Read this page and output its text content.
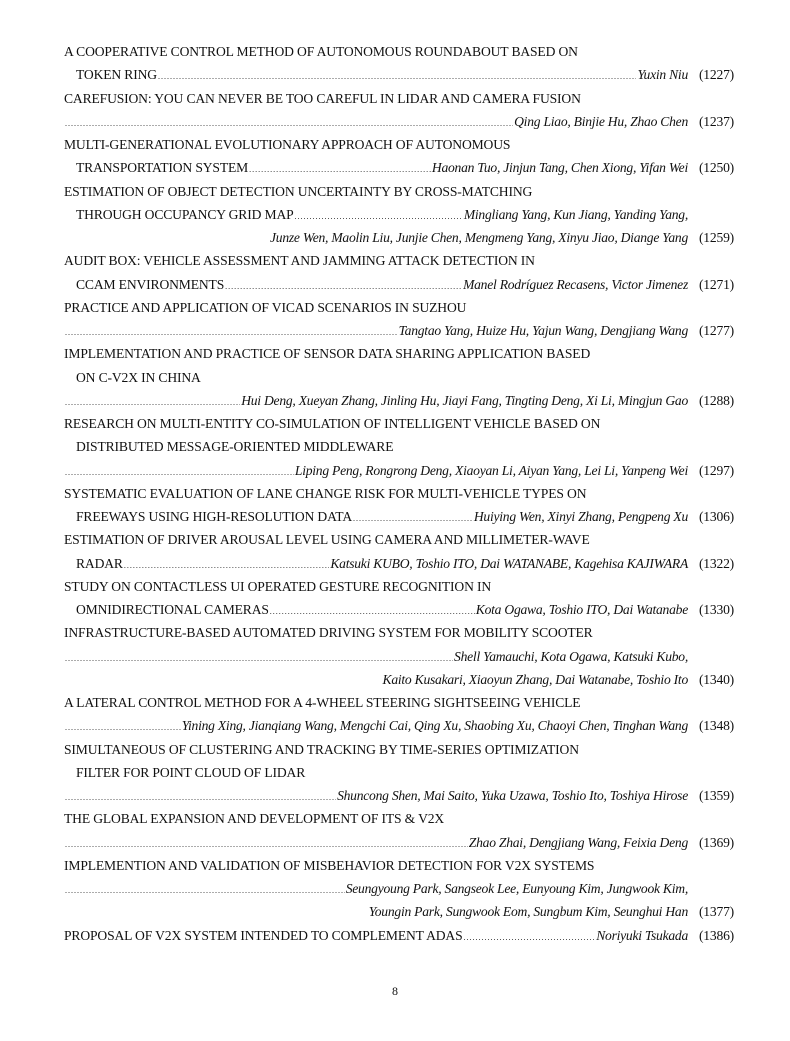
A COOPERATIVE CONTROL METHOD OF AUTONOMOUS ROUNDABOUT BASED ON
TOKEN RING .....	Yuxin Niu (1227)
CAREFUSION: YOU CAN NEVER BE TOO CAREFUL IN LIDAR AND CAMERA FUSION
.....
Qing Liao, Binjie Hu, Zhao Chen (1237)
MULTI-GENERATIONAL EVOLUTIONARY APPROACH OF AUTONOMOUS
TRANSPORTATION SYSTEM .....	Haonan Tuo, Jinjun Tang, Chen Xiong, Yifan Wei (1250)
ESTIMATION OF OBJECT DETECTION UNCERTAINTY BY CROSS-MATCHING
THROUGH OCCUPANCY GRID MAP .....	Mingliang Yang, Kun Jiang, Yanding Yang,
Junze Wen, Maolin Liu, Junjie Chen, Mengmeng Yang, Xinyu Jiao, Diange Yang (1259)
AUDIT BOX: VEHICLE ASSESSMENT AND JAMMING ATTACK DETECTION IN
CCAM ENVIRONMENTS .....	Manel Rodríguez Recasens, Victor Jimenez (1271)
PRACTICE AND APPLICATION OF VICAD SCENARIOS IN SUZHOU
.....
Tangtao Yang, Huize Hu, Yajun Wang, Dengjiang Wang (1277)
IMPLEMENTATION AND PRACTICE OF SENSOR DATA SHARING APPLICATION BASED
ON C-V2X IN CHINA
.....
Hui Deng, Xueyan Zhang, Jinling Hu, Jiayi Fang, Tingting Deng, Xi Li, Mingjun Gao (1288)
RESEARCH ON MULTI-ENTITY CO-SIMULATION OF INTELLIGENT VEHICLE BASED ON
DISTRIBUTED MESSAGE-ORIENTED MIDDLEWARE
.....
Liping Peng, Rongrong Deng, Xiaoyan Li, Aiyan Yang, Lei Li, Yanpeng Wei (1297)
SYSTEMATIC EVALUATION OF LANE CHANGE RISK FOR MULTI-VEHICLE TYPES ON
FREEWAYS USING HIGH-RESOLUTION DATA .....	Huiying Wen, Xinyi Zhang, Pengpeng Xu (1306)
ESTIMATION OF DRIVER AROUSAL LEVEL USING CAMERA AND MILLIMETER-WAVE
RADAR .....	Katsuki KUBO, Toshio ITO, Dai WATANABE, Kagehisa KAJIWARA (1322)
STUDY ON CONTACTLESS UI OPERATED GESTURE RECOGNITION IN
OMNIDIRECTIONAL CAMERAS .....	Kota Ogawa, Toshio ITO, Dai Watanabe (1330)
INFRASTRUCTURE-BASED AUTOMATED DRIVING SYSTEM FOR MOBILITY SCOOTER
.....
Shell Yamauchi, Kota Ogawa, Katsuki Kubo,
Kaito Kusakari, Xiaoyun Zhang, Dai Watanabe, Toshio Ito (1340)
A LATERAL CONTROL METHOD FOR A 4-WHEEL STEERING SIGHTSEEING VEHICLE
.....
Yining Xing, Jianqiang Wang, Mengchi Cai, Qing Xu, Shaobing Xu, Chaoyi Chen, Tinghan Wang (1348)
SIMULTANEOUS OF CLUSTERING AND TRACKING BY TIME-SERIES OPTIMIZATION
FILTER FOR POINT CLOUD OF LIDAR
.....
Shuncong Shen, Mai Saito, Yuka Uzawa, Toshio Ito, Toshiya Hirose (1359)
THE GLOBAL EXPANSION AND DEVELOPMENT OF ITS & V2X
.....
Zhao Zhai, Dengjiang Wang, Feixia Deng (1369)
IMPLEMENTION AND VALIDATION OF MISBEHAVIOR DETECTION FOR V2X SYSTEMS
.....
Seungyoung Park, Sangseok Lee, Eunyoung Kim, Jungwook Kim,
Youngin Park, Sungwook Eom, Sungbum Kim, Seunghui Han (1377)
PROPOSAL OF V2X SYSTEM INTENDED TO COMPLEMENT ADAS .....	Noriyuki Tsukada (1386)
8
